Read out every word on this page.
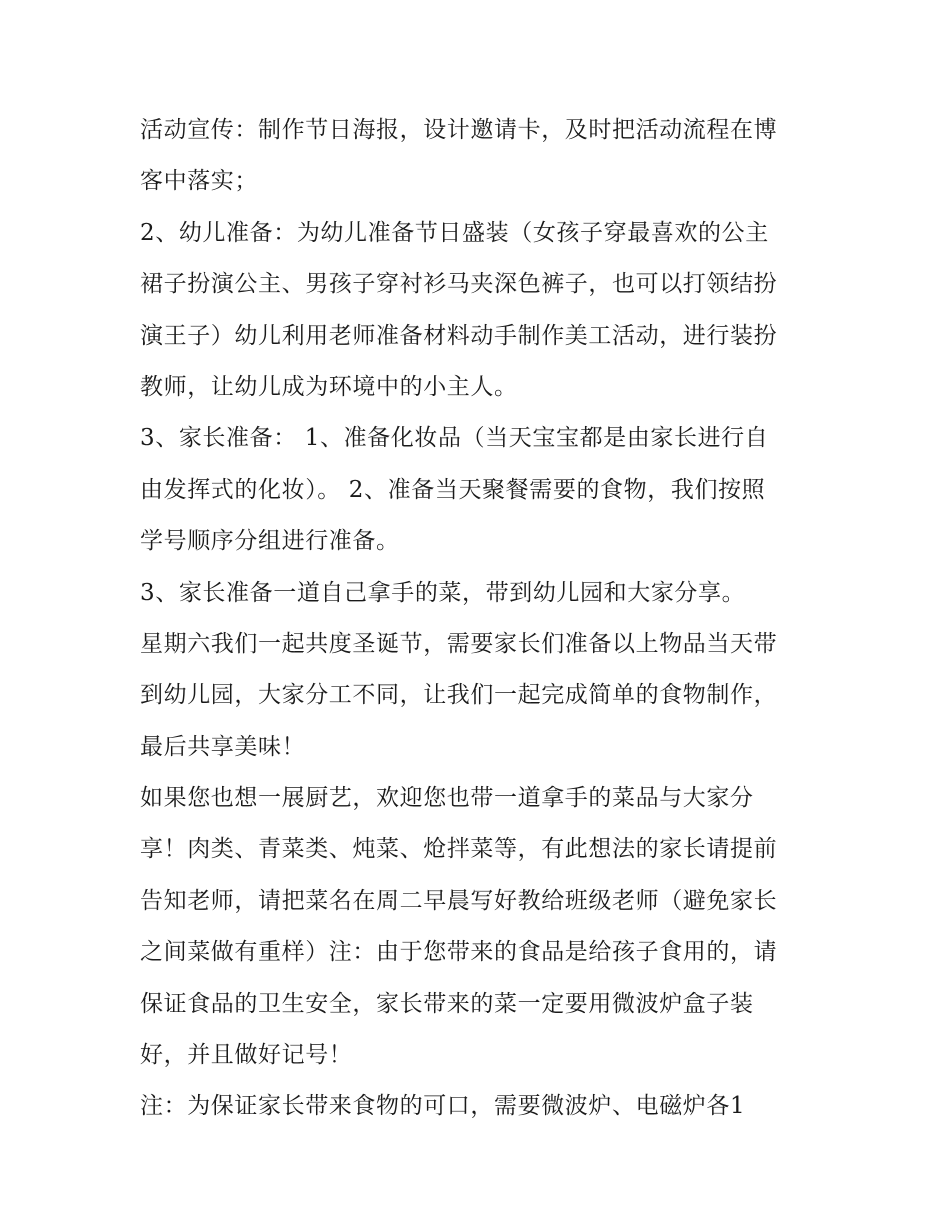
活动宣传：制作节日海报，设计邀请卡，及时把活动流程在博
客中落实；
2、幼儿准备：为幼儿准备节日盛装（女孩子穿最喜欢的公主
裙子扮演公主、男孩子穿衬衫马夹深色裤子，也可以打领结扮
演王子）幼儿利用老师准备材料动手制作美工活动，进行装扮
教师，让幼儿成为环境中的小主人。
3、家长准备： 1、准备化妆品（当天宝宝都是由家长进行自
由发挥式的化妆）。 2、准备当天聚餐需要的食物，我们按照
学号顺序分组进行准备。
3、家长准备一道自己拿手的菜，带到幼儿园和大家分享。
星期六我们一起共度圣诞节，需要家长们准备以上物品当天带
到幼儿园，大家分工不同，让我们一起完成简单的食物制作，
最后共享美味！
如果您也想一展厨艺，欢迎您也带一道拿手的菜品与大家分
享！肉类、青菜类、炖菜、炝拌菜等，有此想法的家长请提前
告知老师，请把菜名在周二早晨写好教给班级老师（避免家长
之间菜做有重样）注：由于您带来的食品是给孩子食用的，请
保证食品的卫生安全，家长带来的菜一定要用微波炉盒子装
好，并且做好记号！
注：为保证家长带来食物的可口，需要微波炉、电磁炉各1
